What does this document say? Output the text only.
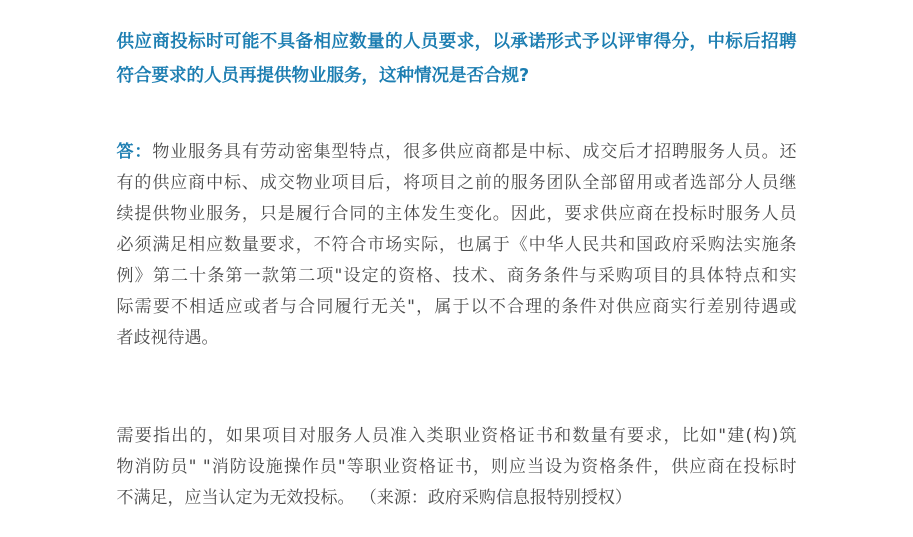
供应商投标时可能不具备相应数量的人员要求，以承诺形式予以评审得分，中标后招聘
符合要求的人员再提供物业服务，这种情况是否合规?
答：物业服务具有劳动密集型特点，很多供应商都是中标、成交后才招聘服务人员。还
有的供应商中标、成交物业项目后，将项目之前的服务团队全部留用或者选部分人员继
续提供物业服务，只是履行合同的主体发生变化。因此，要求供应商在投标时服务人员
必须满足相应数量要求，不符合市场实际，也属于《中华人民共和国政府采购法实施条
例》第二十条第一款第二项"设定的资格、技术、商务条件与采购项目的具体特点和实
际需要不相适应或者与合同履行无关"，属于以不合理的条件对供应商实行差别待遇或
者歧视待遇。
需要指出的，如果项目对服务人员准入类职业资格证书和数量有要求，比如"建(构)筑
物消防员" "消防设施操作员"等职业资格证书，则应当设为资格条件，供应商在投标时
不满足，应当认定为无效投标。 （来源：政府采购信息报特别授权）
